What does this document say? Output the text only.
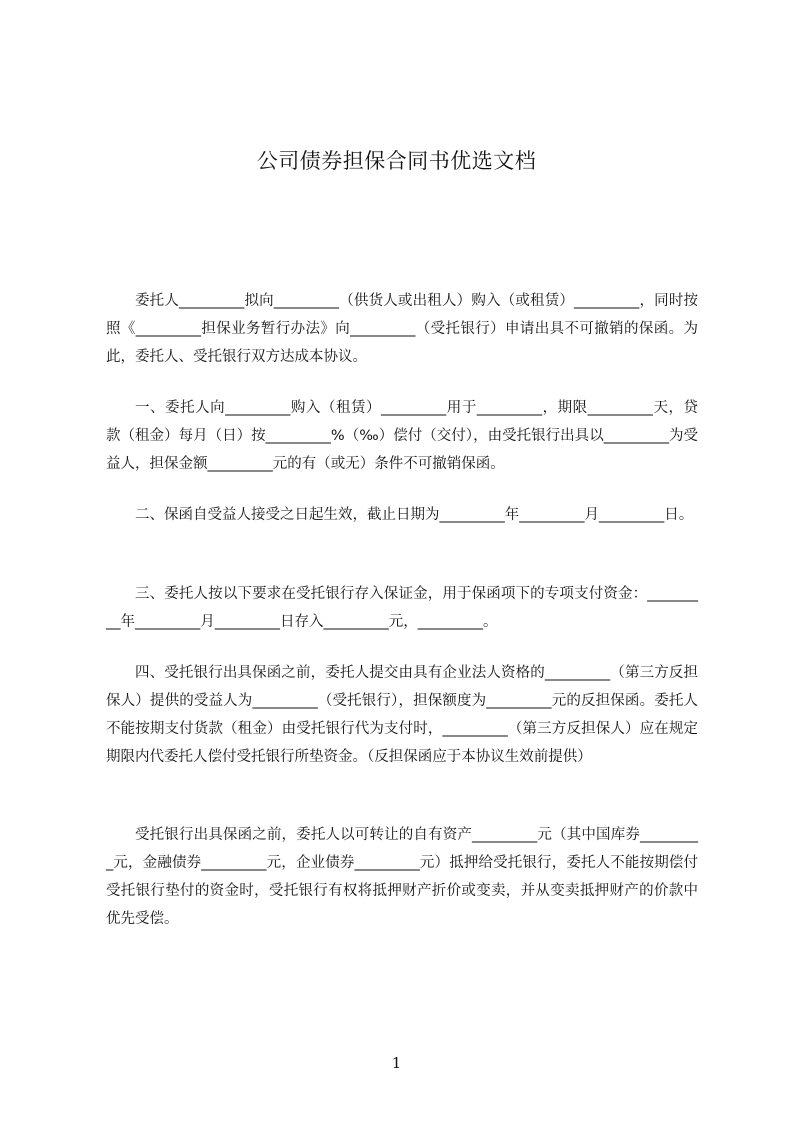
公司债券担保合同书优选文档

委托人_________拟向_________（供货人或出租人）购入（或租赁）_________，同时按照《_________担保业务暂行办法》向_________（受托银行）申请出具不可撤销的保函。为此，委托人、受托银行双方达成本协议。

一、委托人向_________购入（租赁）_________用于_________，期限_________天，贷款（租金）每月（日）按_________%（‰）偿付（交付），由受托银行出具以_________为受益人，担保金额_________元的有（或无）条件不可撤销保函。

二、保函自受益人接受之日起生效，截止日期为_________年_________月_________日。

三、委托人按以下要求在受托银行存入保证金，用于保函项下的专项支付资金：_________年_________月_________日存入_________元，_________。

四、受托银行出具保函之前，委托人提交由具有企业法人资格的_________（第三方反担保人）提供的受益人为_________（受托银行），担保额度为_________元的反担保函。委托人不能按期支付货款（租金）由受托银行代为支付时，_________（第三方反担保人）应在规定期限内代委托人偿付受托银行所垫资金。（反担保函应于本协议生效前提供）

受托银行出具保函之前，委托人以可转让的自有资产_________元（其中国库券_________元，金融债券_________元，企业债券_________元）抵押给受托银行，委托人不能按期偿付受托银行垫付的资金时，受托银行有权将抵押财产折价或变卖，并从变卖抵押财产的价款中优先受偿。

1
